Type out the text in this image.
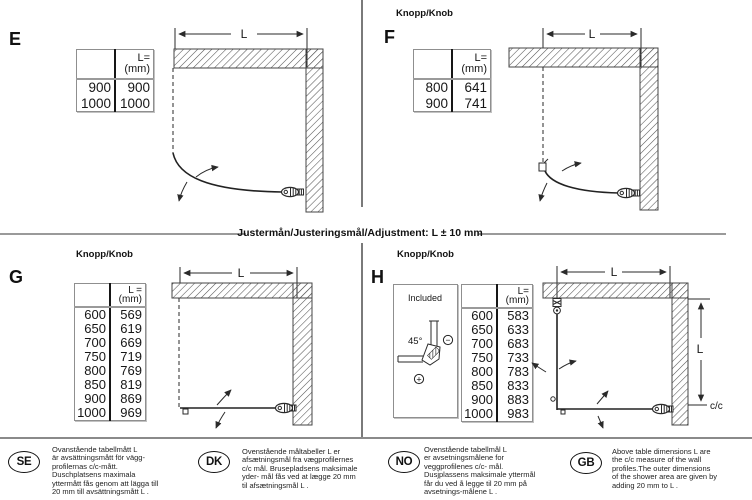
Justermån/Justeringsmål/Adjustment: L ± 10 mm
E

	L=
(mm)

900	900
1000	1000
L
Knopp/Knob
F

	L=
(mm)

800	641
900	741
L
Knopp/Knob
G

	L =
(mm)

600	569
650	619
700	669
750	719
800	769
850	819
900	869
1000	969
L
Knopp/Knob
H
Included
45°	−
+

	L=
(mm)

600	583
650	633
700	683
750	733
800	783
850	833
900	883
1000	983
L
L
c/c
SE
Ovanstående tabellmått L
är avsättningsmått för vägg-
profilernas c/c-mått.
Duschplatsens maximala
yttermått fås genom att lägga till
20 mm till avsättningsmått L .
DK
Ovenstående måltabeller L er
afsætningsmål fra vægprofilernes
c/c mål. Brusepladsens maksimale
yder- mål fås ved at lægge 20 mm
til afsætningsmål L .
NO
Ovenstående tabellmål L
er avsetningsmålene for
veggprofilenes c/c- mål.
Dusjplassens maksimale yttermål
får du ved å legge til 20 mm på
avsetnings-målene L .
GB
Above table dimensions L are
the c/c measure of the wall
profiles.The outer dimensions
of the shower area are given by
adding 20 mm to L .
